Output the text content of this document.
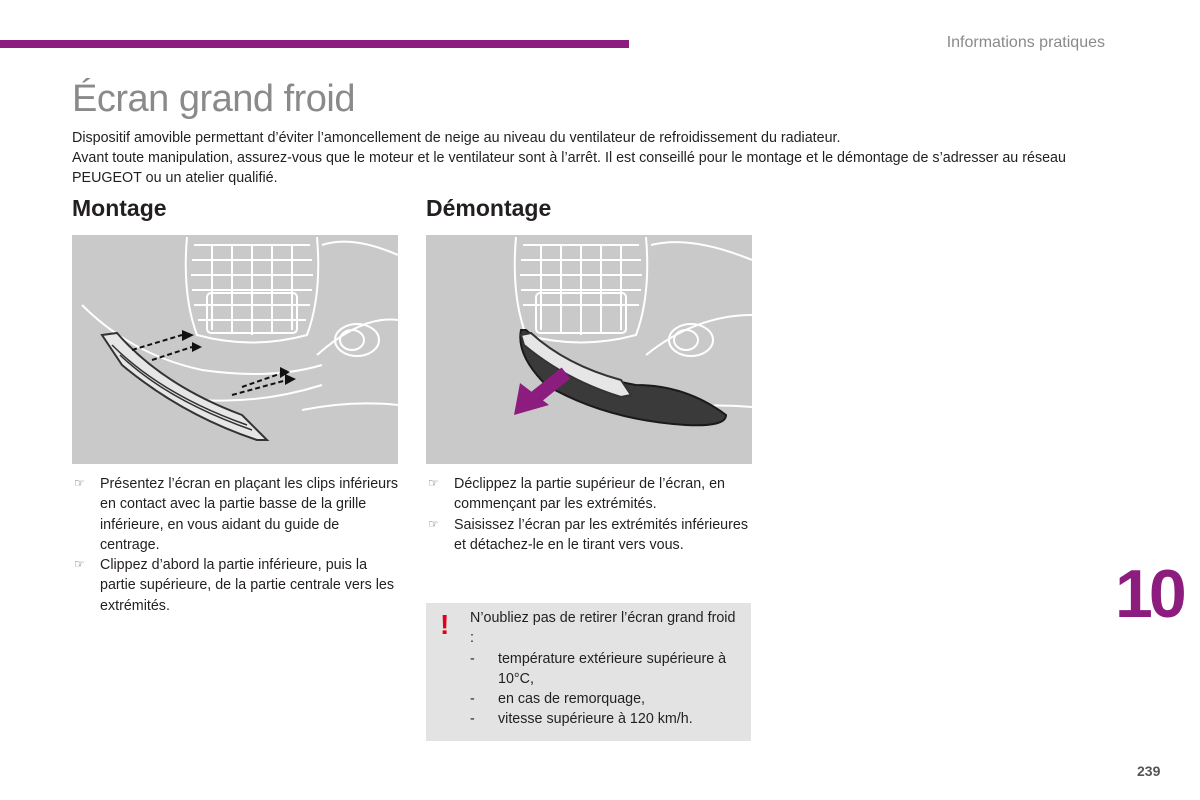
Informations pratiques
Écran grand froid

Dispositif amovible permettant d’éviter l’amoncellement de neige au niveau du ventilateur de refroidissement du radiateur.

Avant toute manipulation, assurez-vous que le moteur et le ventilateur sont à l’arrêt. Il est conseillé pour le montage et le démontage de s’adresser au réseau PEUGEOT ou un atelier qualifié.

Montage
☞ Présentez l’écran en plaçant les clips inférieurs en contact avec la partie basse de la grille inférieure, en vous aidant du guide de centrage.
☞ Clippez d’abord la partie inférieure, puis la partie supérieure, de la partie centrale vers les extrémités.
Démontage
☞ Déclippez la partie supérieur de l’écran, en commençant par les extrémités.
☞ Saisissez l’écran par les extrémités inférieures et détachez-le en le tirant vers vous.
! N’oubliez pas de retirer l’écran grand froid :

- température extérieure supérieure à 10°C,
- en cas de remorquage,
- vitesse supérieure à 120 km/h.
10
239
